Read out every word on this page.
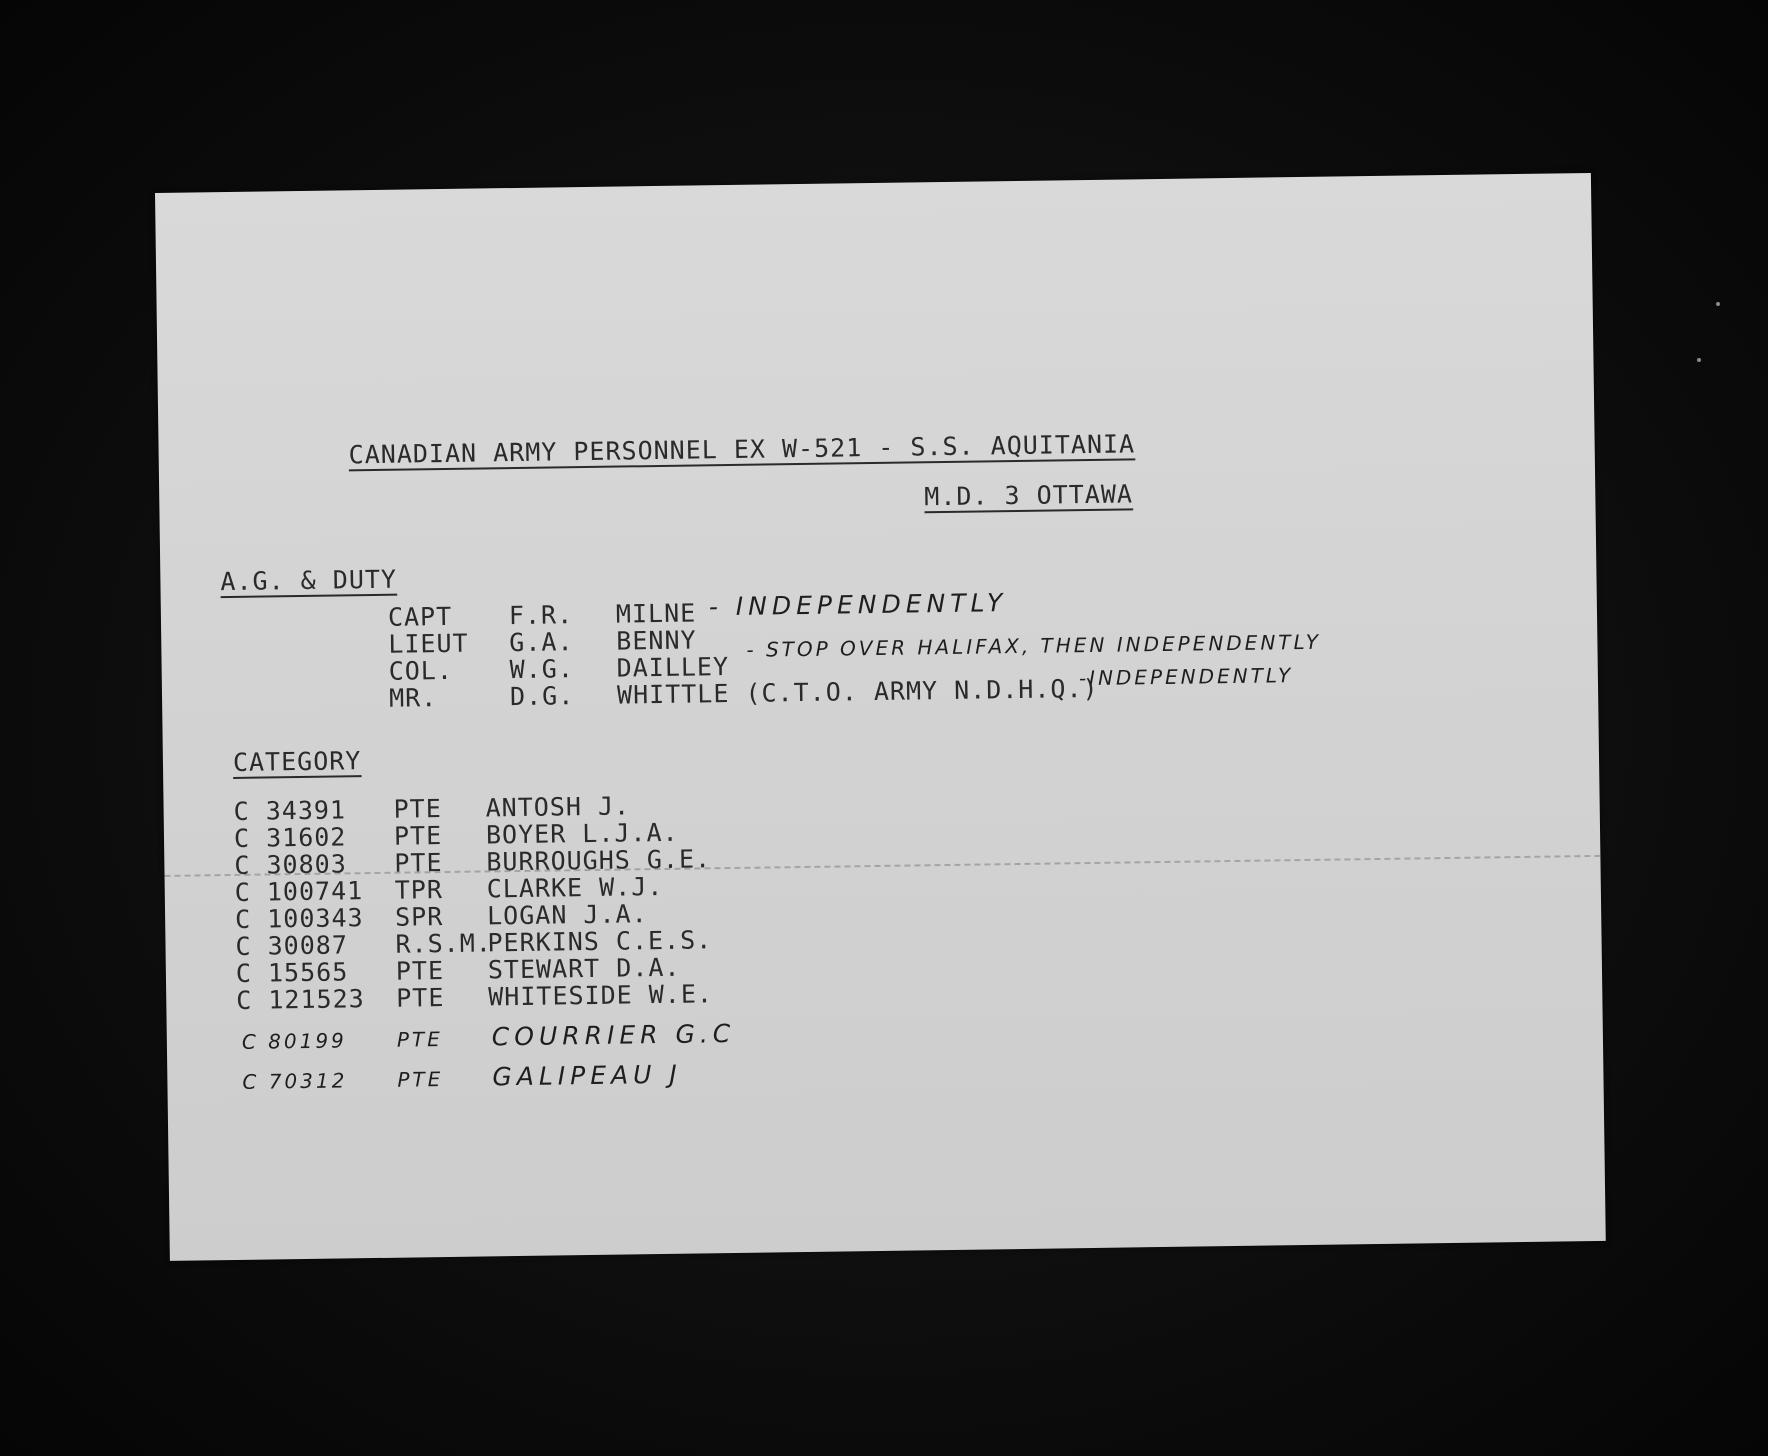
CANADIAN ARMY PERSONNEL EX W-521 - S.S. AQUITANIA
M.D. 3 OTTAWA
A.G. & DUTY
CAPT F.R. MILNE - INDEPENDENTLY
LIEUT G.A. BENNY
COL. W.G. DAILLEY
- STOP OVER HALIFAX, THEN INDEPENDENTLY
MR.	D.G. WHITTLE (C.T.O. ARMY N.D.H.Q.)
-INDEPENDENTLY
CATEGORY
C 34391 PTE ANTOSH J.
C 31602 PTE BOYER L.J.A.
C 30803 PTE BURROUGHS G.E.
C 100741 TPR CLARKE W.J.
C 100343 SPR LOGAN J.A.
C 30087 R.S.M.
PERKINS C.E.S.
C 15565 PTE STEWART D.A.
C 121523 PTE WHITESIDE W.E.
C 80199 PTE COURRIER G.C
C 70312 PTE GALIPEAU J
